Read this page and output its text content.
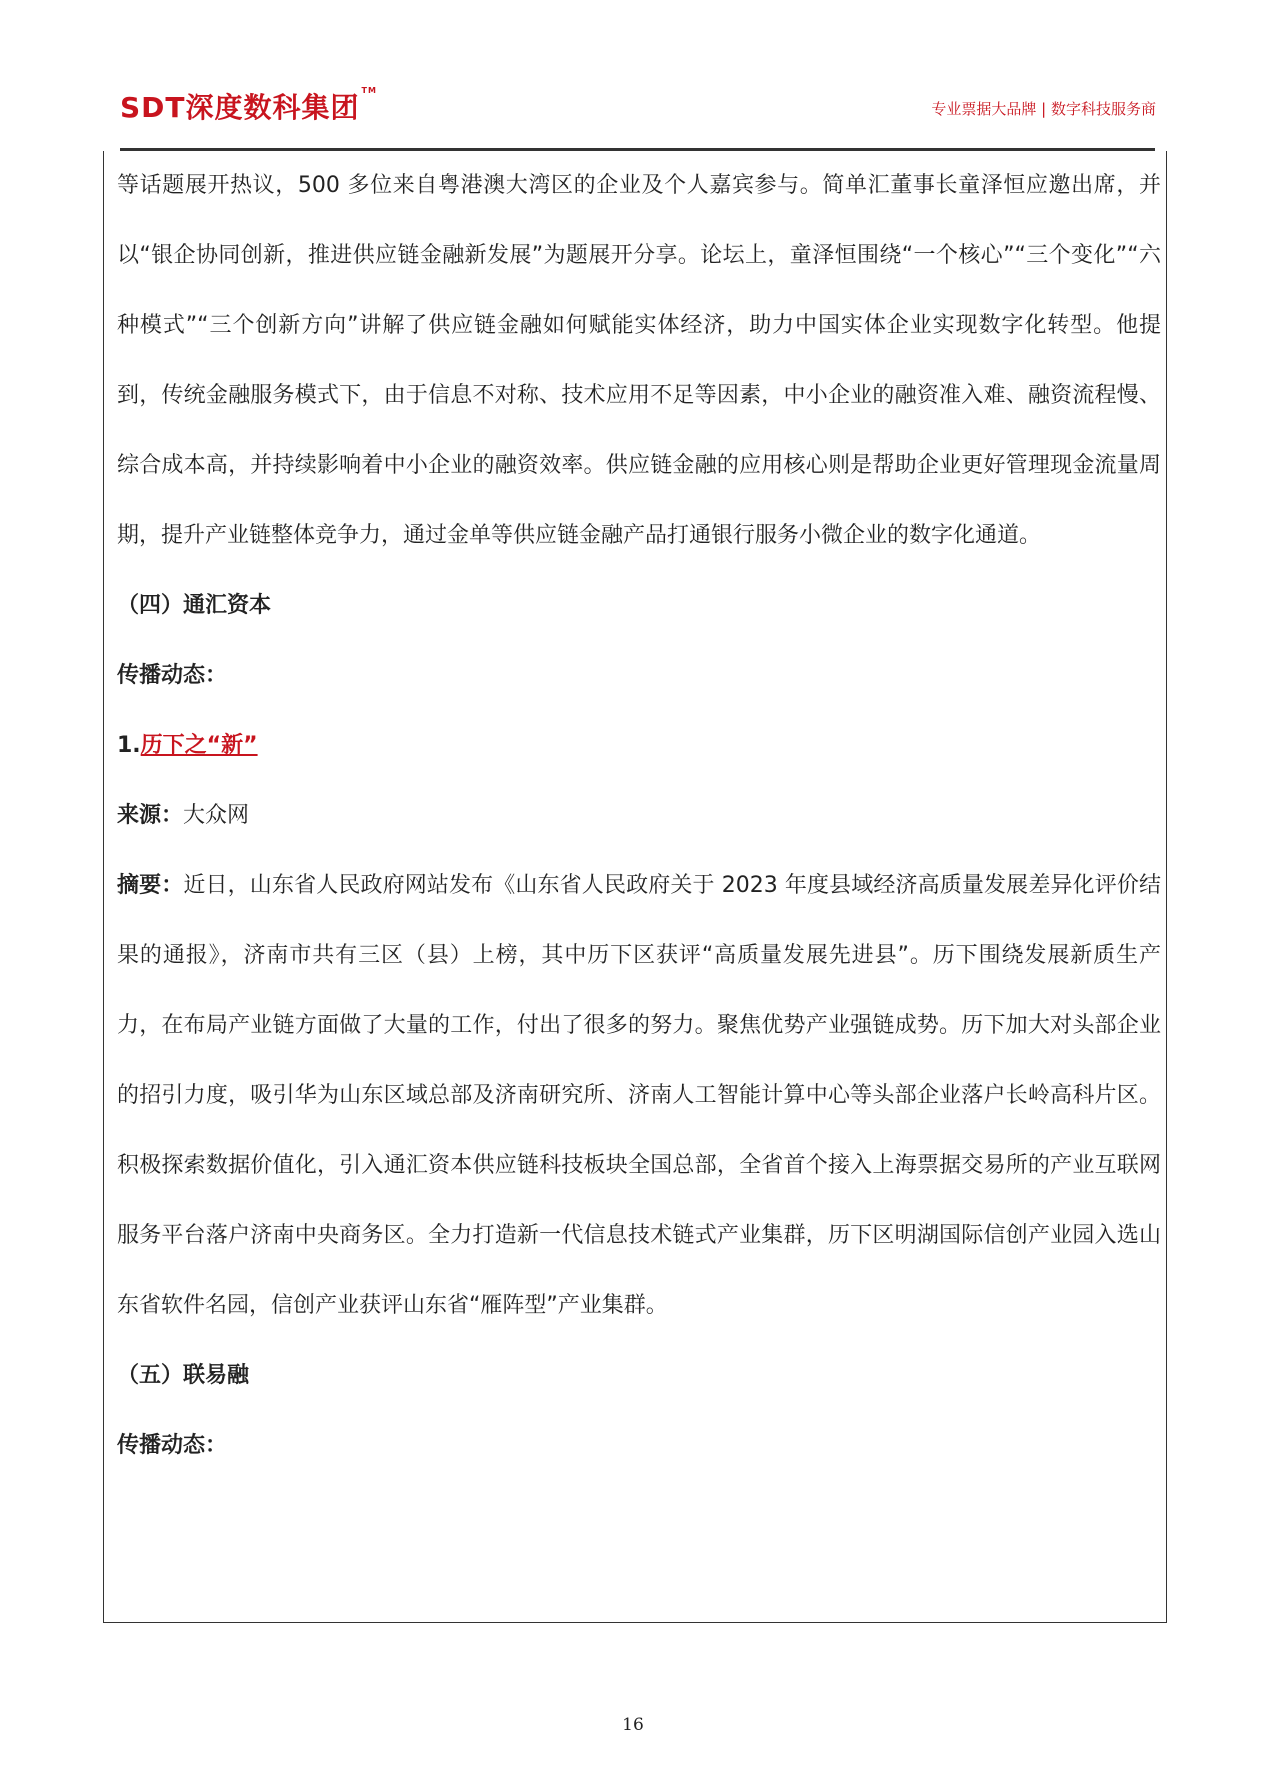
SDT深度数科集团™
专业票据大品牌 | 数字科技服务商

等话题展开热议，500 多位来自粤港澳大湾区的企业及个人嘉宾参与。简单汇董事长童泽恒应邀出席，并以“银企协同创新，推进供应链金融新发展”为题展开分享。论坛上，童泽恒围绕“一个核心”“三个变化”“六种模式”“三个创新方向”讲解了供应链金融如何赋能实体经济，助力中国实体企业实现数字化转型。他提到，传统金融服务模式下，由于信息不对称、技术应用不足等因素，中小企业的融资准入难、融资流程慢、综合成本高，并持续影响着中小企业的融资效率。供应链金融的应用核心则是帮助企业更好管理现金流量周期，提升产业链整体竞争力，通过金单等供应链金融产品打通银行服务小微企业的数字化通道。

（四）通汇资本

传播动态：

1.历下之“新”

来源：大众网

摘要：近日，山东省人民政府网站发布《山东省人民政府关于 2023 年度县域经济高质量发展差异化评价结果的通报》，济南市共有三区（县）上榜，其中历下区获评“高质量发展先进县”。历下围绕发展新质生产力，在布局产业链方面做了大量的工作，付出了很多的努力。聚焦优势产业强链成势。历下加大对头部企业的招引力度，吸引华为山东区域总部及济南研究所、济南人工智能计算中心等头部企业落户长岭高科片区。积极探索数据价值化，引入通汇资本供应链科技板块全国总部，全省首个接入上海票据交易所的产业互联网服务平台落户济南中央商务区。全力打造新一代信息技术链式产业集群，历下区明湖国际信创产业园入选山东省软件名园，信创产业获评山东省“雁阵型”产业集群。

（五）联易融

传播动态：

16
